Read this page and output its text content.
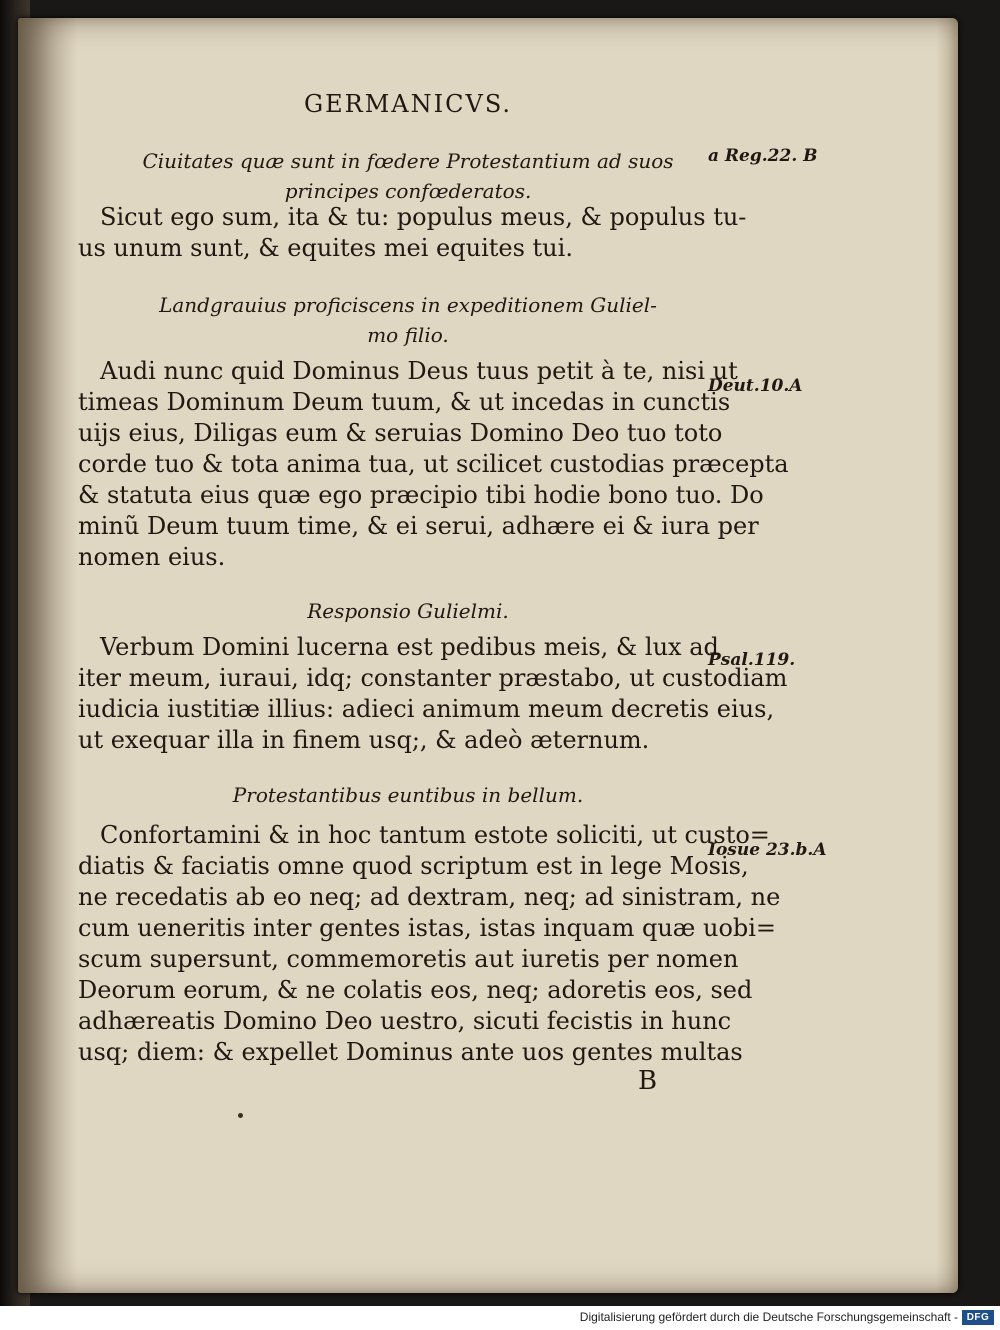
GERMANICVS.
Ciuitates quæ sunt in fœdere Protestantium ad suos
principes confœderatos.
a Reg.22. B
Sicut ego sum, ita & tu: populus meus, & populus tu-
us unum sunt, & equites mei equites tui.
Landgrauius proficiscens in expeditionem Guliel-
mo filio.
Deut.10.A
Audi nunc quid Dominus Deus tuus petit à te, nisi ut
timeas Dominum Deum tuum, & ut incedas in cunctis
uijs eius, Diligas eum & seruias Domino Deo tuo toto
corde tuo & tota anima tua, ut scilicet custodias præcepta
& statuta eius quæ ego præcipio tibi hodie bono tuo. Do
minũ Deum tuum time, & ei serui, adhære ei & iura per
nomen eius.
Responsio Gulielmi.
Psal.119.
Verbum Domini lucerna est pedibus meis, & lux ad
iter meum, iuraui, idq; constanter præstabo, ut custodiam
iudicia iustitiæ illius: adieci animum meum decretis eius,
ut exequar illa in finem usq;, & adeò æternum.
Protestantibus euntibus in bellum.
Iosue 23.b.A
Confortamini & in hoc tantum estote soliciti, ut custo=
diatis & faciatis omne quod scriptum est in lege Mosis,
ne recedatis ab eo neq; ad dextram, neq; ad sinistram, ne
cum ueneritis inter gentes istas, istas inquam quæ uobi=
scum supersunt, commemoretis aut iuretis per nomen
Deorum eorum, & ne colatis eos, neq; adoretis eos, sed
adhæreatis Domino Deo uestro, sicuti fecistis in hunc
usq; diem: & expellet Dominus ante uos gentes multas
B
Digitalisierung gefördert durch die Deutsche Forschungsgemeinschaft - DFG
